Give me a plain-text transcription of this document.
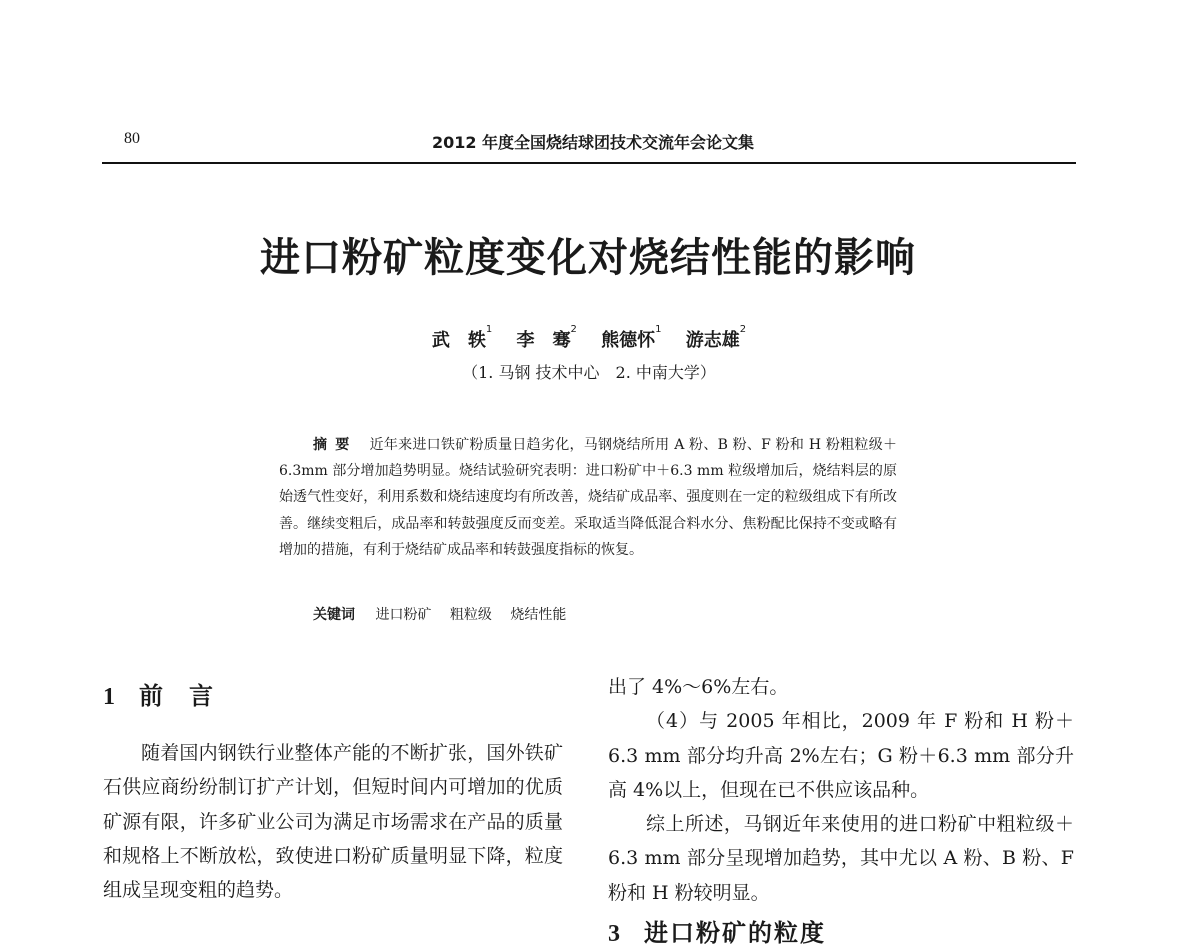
80	2012 年度全国烧结球团技术交流年会论文集
进口粉矿粒度变化对烧结性能的影响
武　轶$^1$ 李　骞$^2$ 熊德怀$^1$ 游志雄$^2$
（1. 马钢 技术中心　2. 中南大学）
摘要 近年来进口铁矿粉质量日趋劣化，马钢烧结所用 A 粉、B 粉、F 粉和 H 粉粗粒级＋6.3mm 部分增加趋势明显。烧结试验研究表明：进口粉矿中＋6.3 mm 粒级增加后，烧结料层的原始透气性变好，利用系数和烧结速度均有所改善，烧结矿成品率、强度则在一定的粒级组成下有所改善。继续变粗后，成品率和转鼓强度反而变差。采取适当降低混合料水分、焦粉配比保持不变或略有增加的措施，有利于烧结矿成品率和转鼓强度指标的恢复。
关键词 进口粉矿 粗粒级 烧结性能
1 前言

随着国内钢铁行业整体产能的不断扩张，国外铁矿石供应商纷纷制订扩产计划，但短时间内可增加的优质矿源有限，许多矿业公司为满足市场需求在产品的质量和规格上不断放松，致使进口粉矿质量明显下降，粒度组成呈现变粗的趋势。

出了 4%～6%左右。

（4）与 2005 年相比，2009 年 F 粉和 H 粉＋6.3 mm 部分均升高 2%左右；G 粉＋6.3 mm 部分升高 4%以上，但现在已不供应该品种。

综上所述，马钢近年来使用的进口粉矿中粗粒级＋6.3 mm 部分呈现增加趋势，其中尤以 A 粉、B 粉、F 粉和 H 粉较明显。

3 进口粉矿的粒度
